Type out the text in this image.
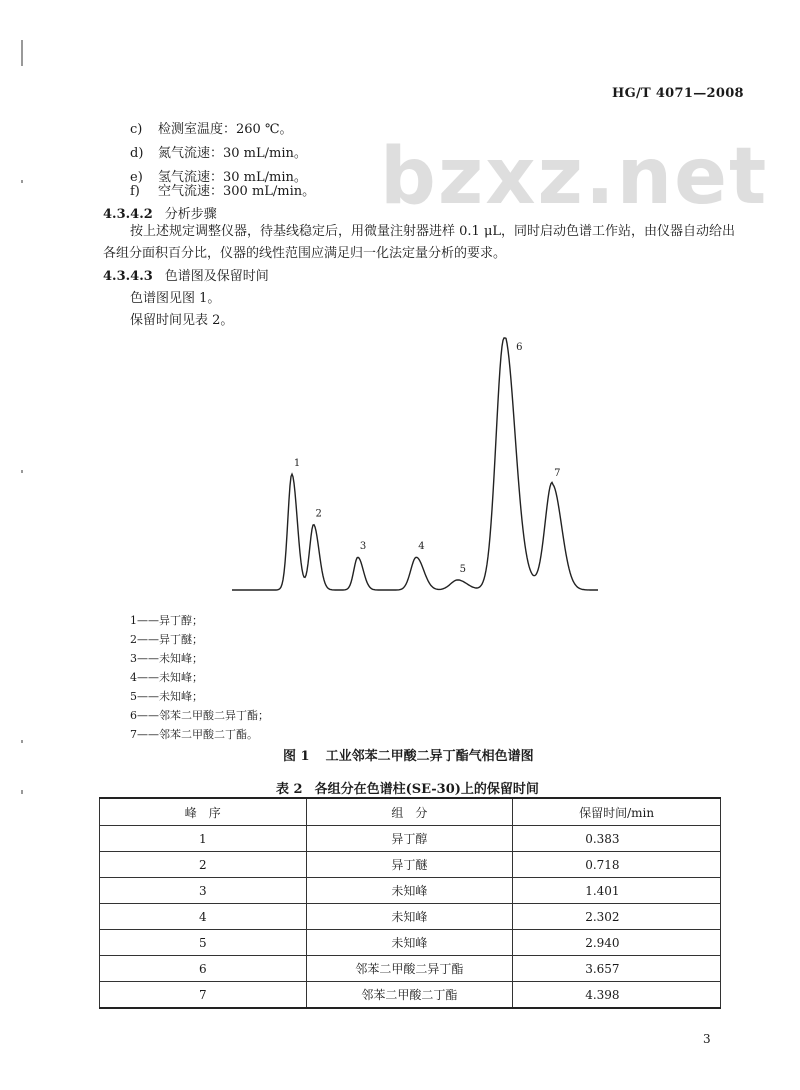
HG/T 4071—2008
bzxz.net
c) 检测室温度：260 ℃。
d) 氮气流速：30 mL/min。
e) 氢气流速：30 mL/min。
f) 空气流速：300 mL/min。
4.3.4.2 分析步骤
按上述规定调整仪器，待基线稳定后，用微量注射器进样 0.1 μL，同时启动色谱工作站，由仪器自动给出各组分面积百分比，仪器的线性范围应满足归一化法定量分析的要求。
4.3.4.3 色谱图及保留时间
色谱图见图 1。
保留时间见表 2。
1
2
3	4
5
6
7
1——异丁醇；
2——异丁醚；
3——未知峰；
4——未知峰；
5——未知峰；
6——邻苯二甲酸二异丁酯；
7——邻苯二甲酸二丁酯。
图 1 工业邻苯二甲酸二异丁酯气相色谱图
表 2 各组分在色谱柱(SE-30)上的保留时间
峰　序	组　分	保留时间/min
1	异丁醇	0.383
2	异丁醚	0.718
3	未知峰	1.401
4	未知峰	2.302
5	未知峰	2.940
6	邻苯二甲酸二异丁酯	3.657
7	邻苯二甲酸二丁酯	4.398
3
